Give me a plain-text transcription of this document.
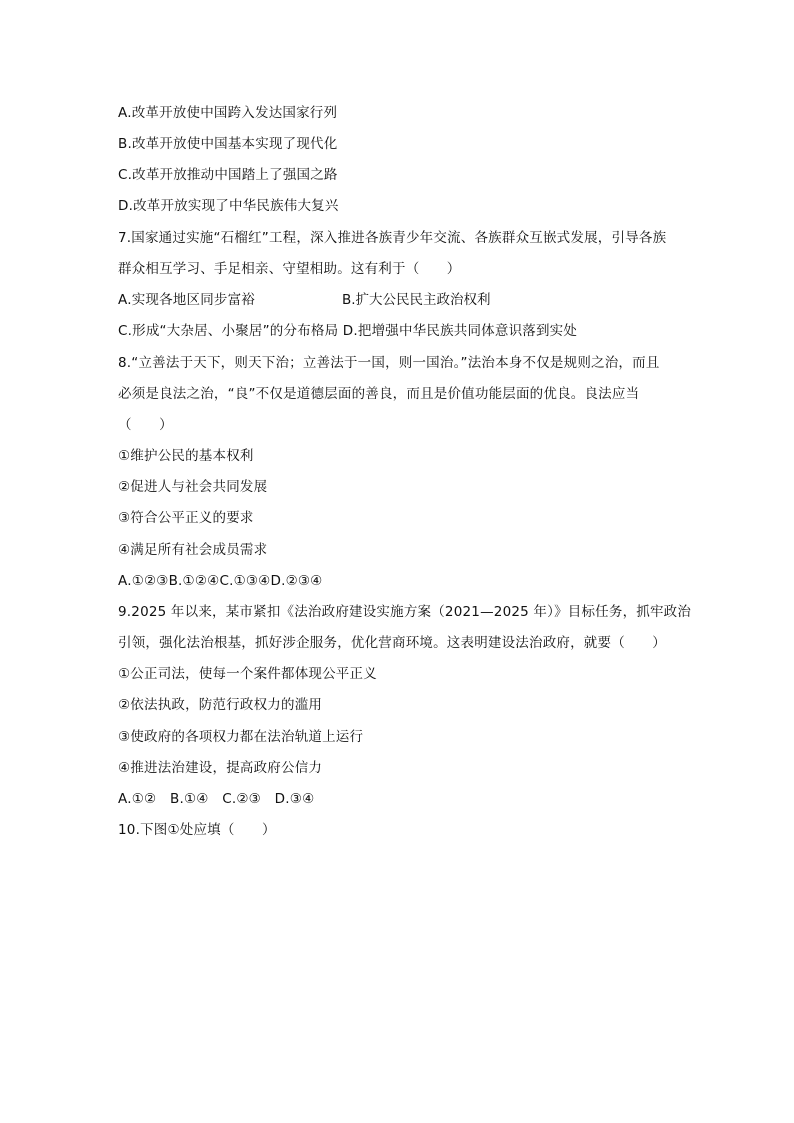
A.改革开放使中国跨入发达国家行列
B.改革开放使中国基本实现了现代化
C.改革开放推动中国踏上了强国之路
D.改革开放实现了中华民族伟大复兴
7.国家通过实施“石榴红”工程，深入推进各族青少年交流、各族群众互嵌式发展，引导各族
群众相互学习、手足相亲、守望相助。这有利于（　　）
A.实现各地区同步富裕	B.扩大公民民主政治权利
C.形成“大杂居、小聚居”的分布格局 D.把增强中华民族共同体意识落到实处
8.“立善法于天下，则天下治；立善法于一国，则一国治。”法治本身不仅是规则之治，而且
必须是良法之治，“良”不仅是道德层面的善良，而且是价值功能层面的优良。良法应当
（　　）
①维护公民的基本权利
②促进人与社会共同发展
③符合公平正义的要求
④满足所有社会成员需求
A.①②③B.①②④C.①③④D.②③④
9.2025 年以来，某市紧扣《法治政府建设实施方案（2021—2025 年）》目标任务，抓牢政治
引领，强化法治根基，抓好涉企服务，优化营商环境。这表明建设法治政府，就要（　　）
①公正司法，使每一个案件都体现公平正义
②依法执政，防范行政权力的滥用
③使政府的各项权力都在法治轨道上运行
④推进法治建设，提高政府公信力
A.①②　B.①④　C.②③　D.③④
10.下图①处应填（　　）
